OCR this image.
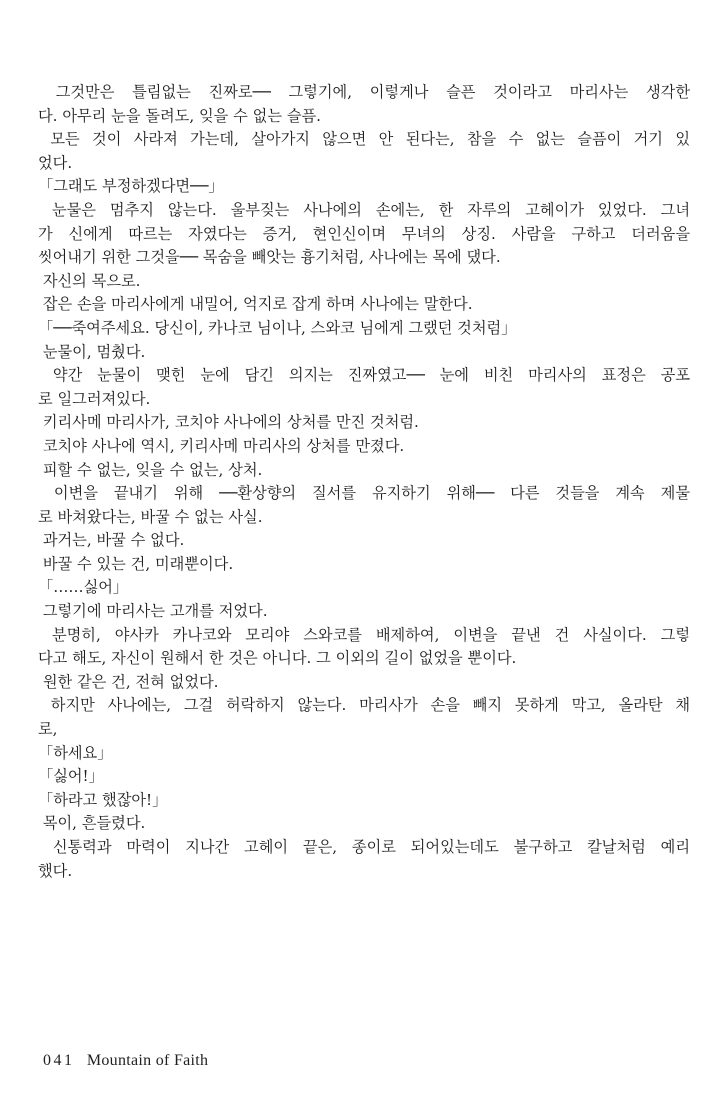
그것만은 틀림없는 진짜로── 그렇기에, 이렇게나 슬픈 것이라고 마리사는 생각한
다. 아무리 눈을 돌려도, 잊을 수 없는 슬픔.
모든 것이 사라져 가는데, 살아가지 않으면 안 된다는, 참을 수 없는 슬픔이 거기 있
었다.
「그래도 부정하겠다면──」
눈물은 멈추지 않는다. 울부짖는 사나에의 손에는, 한 자루의 고헤이가 있었다. 그녀
가 신에게 따르는 자였다는 증거, 현인신이며 무녀의 상징. 사람을 구하고 더러움을
씻어내기 위한 그것을── 목숨을 빼앗는 흉기처럼, 사나에는 목에 댔다.
자신의 목으로.
잡은 손을 마리사에게 내밀어, 억지로 잡게 하며 사나에는 말한다.
「──죽여주세요. 당신이, 카나코 님이나, 스와코 님에게 그랬던 것처럼」
눈물이, 멈췄다.
약간 눈물이 맺힌 눈에 담긴 의지는 진짜였고── 눈에 비친 마리사의 표정은 공포
로 일그러져있다.
키리사메 마리사가, 코치야 사나에의 상처를 만진 것처럼.
코치야 사나에 역시, 키리사메 마리사의 상처를 만졌다.
피할 수 없는, 잊을 수 없는, 상처.
이변을 끝내기 위해 ──환상향의 질서를 유지하기 위해── 다른 것들을 계속 제물
로 바쳐왔다는, 바꿀 수 없는 사실.
과거는, 바꿀 수 없다.
바꿀 수 있는 건, 미래뿐이다.
「……싫어」
그렇기에 마리사는 고개를 저었다.
분명히, 야사카 카나코와 모리야 스와코를 배제하여, 이변을 끝낸 건 사실이다. 그렇
다고 해도, 자신이 원해서 한 것은 아니다. 그 이외의 길이 없었을 뿐이다.
원한 같은 건, 전혀 없었다.
하지만 사나에는, 그걸 허락하지 않는다. 마리사가 손을 빼지 못하게 막고, 올라탄 채
로,
「하세요」
「싫어!」
「하라고 했잖아!」
목이, 흔들렸다.
신통력과 마력이 지나간 고헤이 끝은, 종이로 되어있는데도 불구하고 칼날처럼 예리
했다.
041 Mountain of Faith
